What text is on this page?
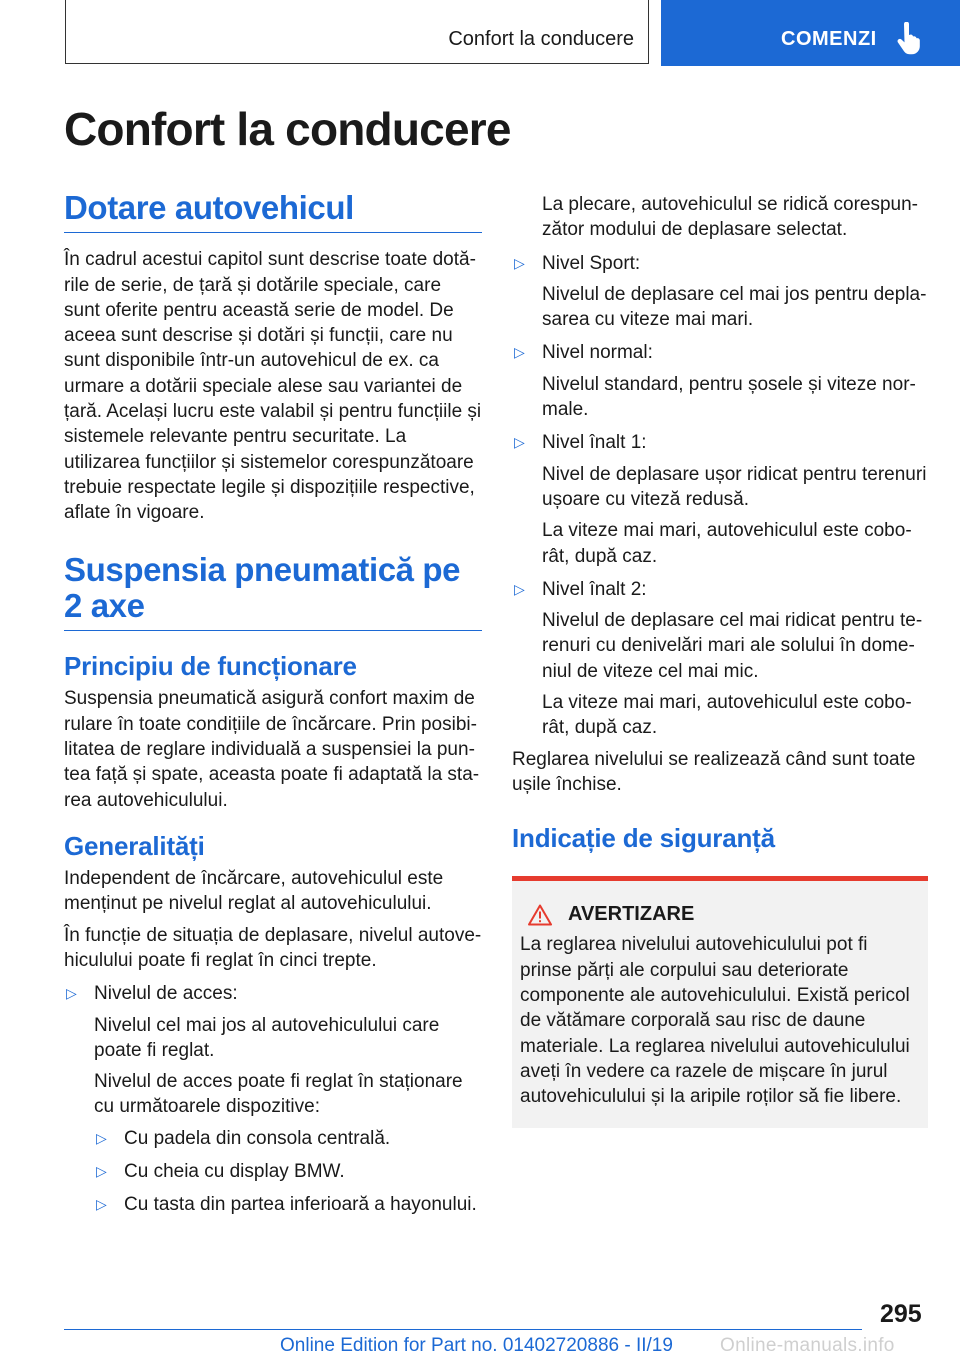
Confort la conducere	COMENZI
Confort la conducere
Dotare autovehicul

În cadrul acestui capitol sunt descrise toate dotările de serie, de țară și dotările speciale, care sunt oferite pentru această serie de model. De aceea sunt descrise și dotări și funcții, care nu sunt disponibile într-un autovehicul de ex. ca urmare a dotării speciale alese sau variantei de țară. Același lucru este valabil și pentru funcțiile și sistemele relevante pentru securitate. La utilizarea funcțiilor și sistemelor corespunzătoare trebuie respectate legile și dispozițiile respective, aflate în vigoare.

Suspensia pneumatică pe 2 axe
Principiu de funcționare

Suspensia pneumatică asigură confort maxim de rulare în toate condițiile de încărcare. Prin posibilitatea de reglare individuală a suspensiei la puntea față și spate, aceasta poate fi adaptată la starea autovehiculului.

Generalități

Independent de încărcare, autovehiculul este menținut pe nivelul reglat al autovehiculului.

În funcție de situația de deplasare, nivelul autovehiculului poate fi reglat în cinci trepte.

▷ Nivelul de acces:

Nivelul cel mai jos al autovehiculului care poate fi reglat.

Nivelul de acces poate fi reglat în staționare cu următoarele dispozitive:

▷ Cu padela din consola centrală.
▷ Cu cheia cu display BMW.
▷ Cu tasta din partea inferioară a hayonului.

La plecare, autovehiculul se ridică corespunzător modului de deplasare selectat.

▷ Nivel Sport:

Nivelul de deplasare cel mai jos pentru deplasarea cu viteze mai mari.

▷ Nivel normal:

Nivelul standard, pentru șosele și viteze normale.

▷ Nivel înalt 1:

Nivel de deplasare ușor ridicat pentru terenuri ușoare cu viteză redusă.

La viteze mai mari, autovehiculul este coborât, după caz.

▷ Nivel înalt 2:

Nivelul de deplasare cel mai ridicat pentru terenuri cu denivelări mari ale solului în domeniul de viteze cel mai mic.

La viteze mai mari, autovehiculul este coborât, după caz.

Reglarea nivelului se realizează când sunt toate ușile închise.

Indicație de siguranță
AVERTIZARE

La reglarea nivelului autovehiculului pot fi prinse părți ale corpului sau deteriorate componente ale autovehiculului. Există pericol de vătămare corporală sau risc de daune materiale. La reglarea nivelului autovehiculului aveți în vedere ca razele de mișcare în jurul autovehiculului și la aripile roților să fie libere.

295
Online Edition for Part no. 01402720886 - II/19 Online-manuals.info
